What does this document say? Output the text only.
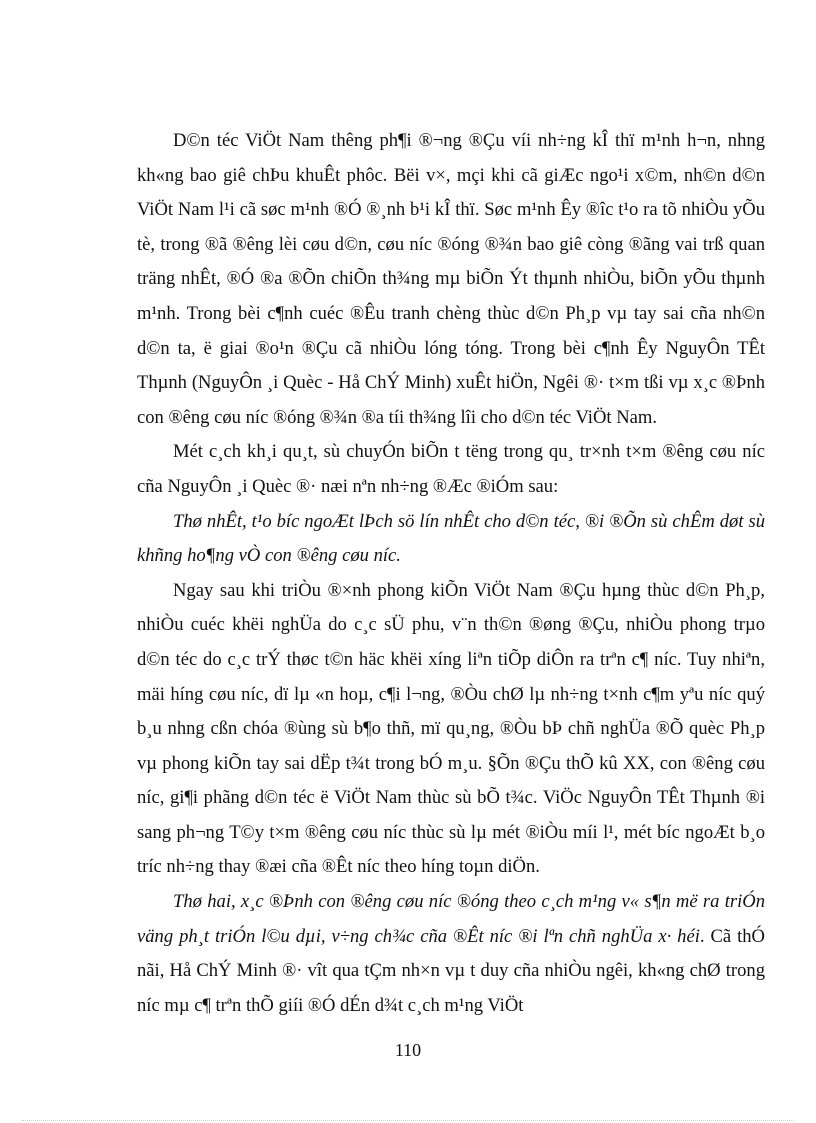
D©n téc ViÖt Nam thêng ph¶i ®¬ng ®Çu víi nh÷ng kÎ thï m¹nh h¬n, nhng kh«ng bao giê chÞu khuÊt phôc. Bëi v×, mçi khi cã giÆc ngo¹i x©m, nh©n d©n ViÖt Nam l¹i cã søc m¹nh ®Ó ®¸nh b¹i kÎ thï. Søc m¹nh Êy ®îc t¹o ra tõ nhiÒu yÕu tè, trong ®ã ®êng lèi cøu d©n, cøu níc ®óng ®¾n bao giê còng ®ãng vai trß quan träng nhÊt, ®Ó ®a ®Õn chiÕn th¾ng mµ biÕn Ýt thµnh nhiÒu, biÕn yÕu thµnh m¹nh. Trong bèi c¶nh cuéc ®Êu tranh chèng thùc d©n Ph¸p vµ tay sai cña nh©n d©n ta, ë giai ®o¹n ®Çu cã nhiÒu lóng tóng. Trong bèi c¶nh Êy NguyÔn TÊt Thµnh (NguyÔn ¸i Quèc - Hå ChÝ Minh) xuÊt hiÖn, Ngêi ®· t×m tßi vµ x¸c ®Þnh con ®êng cøu níc ®óng ®¾n ®a tíi th¾ng lîi cho d©n téc ViÖt Nam.

Mét c¸ch kh¸i qu¸t, sù chuyÓn biÕn t tëng trong qu¸ tr×nh t×m ®êng cøu níc cña NguyÔn ¸i Quèc ®· næi nªn nh÷ng ®Æc ®iÓm sau:

Thø nhÊt, t¹o bíc ngoÆt lÞch sö lín nhÊt cho d©n téc, ®i ®Õn sù chÊm døt sù khñng ho¶ng vÒ con ®êng cøu níc.

Ngay sau khi triÒu ®×nh phong kiÕn ViÖt Nam ®Çu hµng thùc d©n Ph¸p, nhiÒu cuéc khëi nghÜa do c¸c sÜ phu, v¨n th©n ®øng ®Çu, nhiÒu phong trµo d©n téc do c¸c trÝ thøc t©n häc khëi xíng liªn tiÕp diÔn ra trªn c¶ níc. Tuy nhiªn, mäi híng cøu níc, dï lµ «n hoµ, c¶i l¬ng, ®Òu chØ lµ nh÷ng t×nh c¶m yªu níc quý b¸u nhng cßn chóa ®ùng sù b¶o thñ, mï qu¸ng, ®Òu bÞ chñ nghÜa ®Õ quèc Ph¸p vµ phong kiÕn tay sai dËp t¾t trong bÓ m¸u. §Õn ®Çu thÕ kû XX, con ®êng cøu níc, gi¶i phãng d©n téc ë ViÖt Nam thùc sù bÕ t¾c. ViÖc NguyÔn TÊt Thµnh ®i sang ph¬ng T©y t×m ®êng cøu níc thùc sù lµ mét ®iÒu míi l¹, mét bíc ngoÆt b¸o tríc nh÷ng thay ®æi cña ®Êt níc theo híng toµn diÖn.

Thø hai, x¸c ®Þnh con ®êng cøu níc ®óng theo c¸ch m¹ng v« s¶n më ra triÓn väng ph¸t triÓn l©u dµi, v÷ng ch¾c cña ®Êt níc ®i lªn chñ nghÜa x· héi. Cã thÓ nãi, Hå ChÝ Minh ®· vît qua tÇm nh×n vµ t duy cña nhiÒu ngêi, kh«ng chØ trong níc mµ c¶ trªn thÕ giíi ®Ó dÉn d¾t c¸ch m¹ng ViÖt

110
